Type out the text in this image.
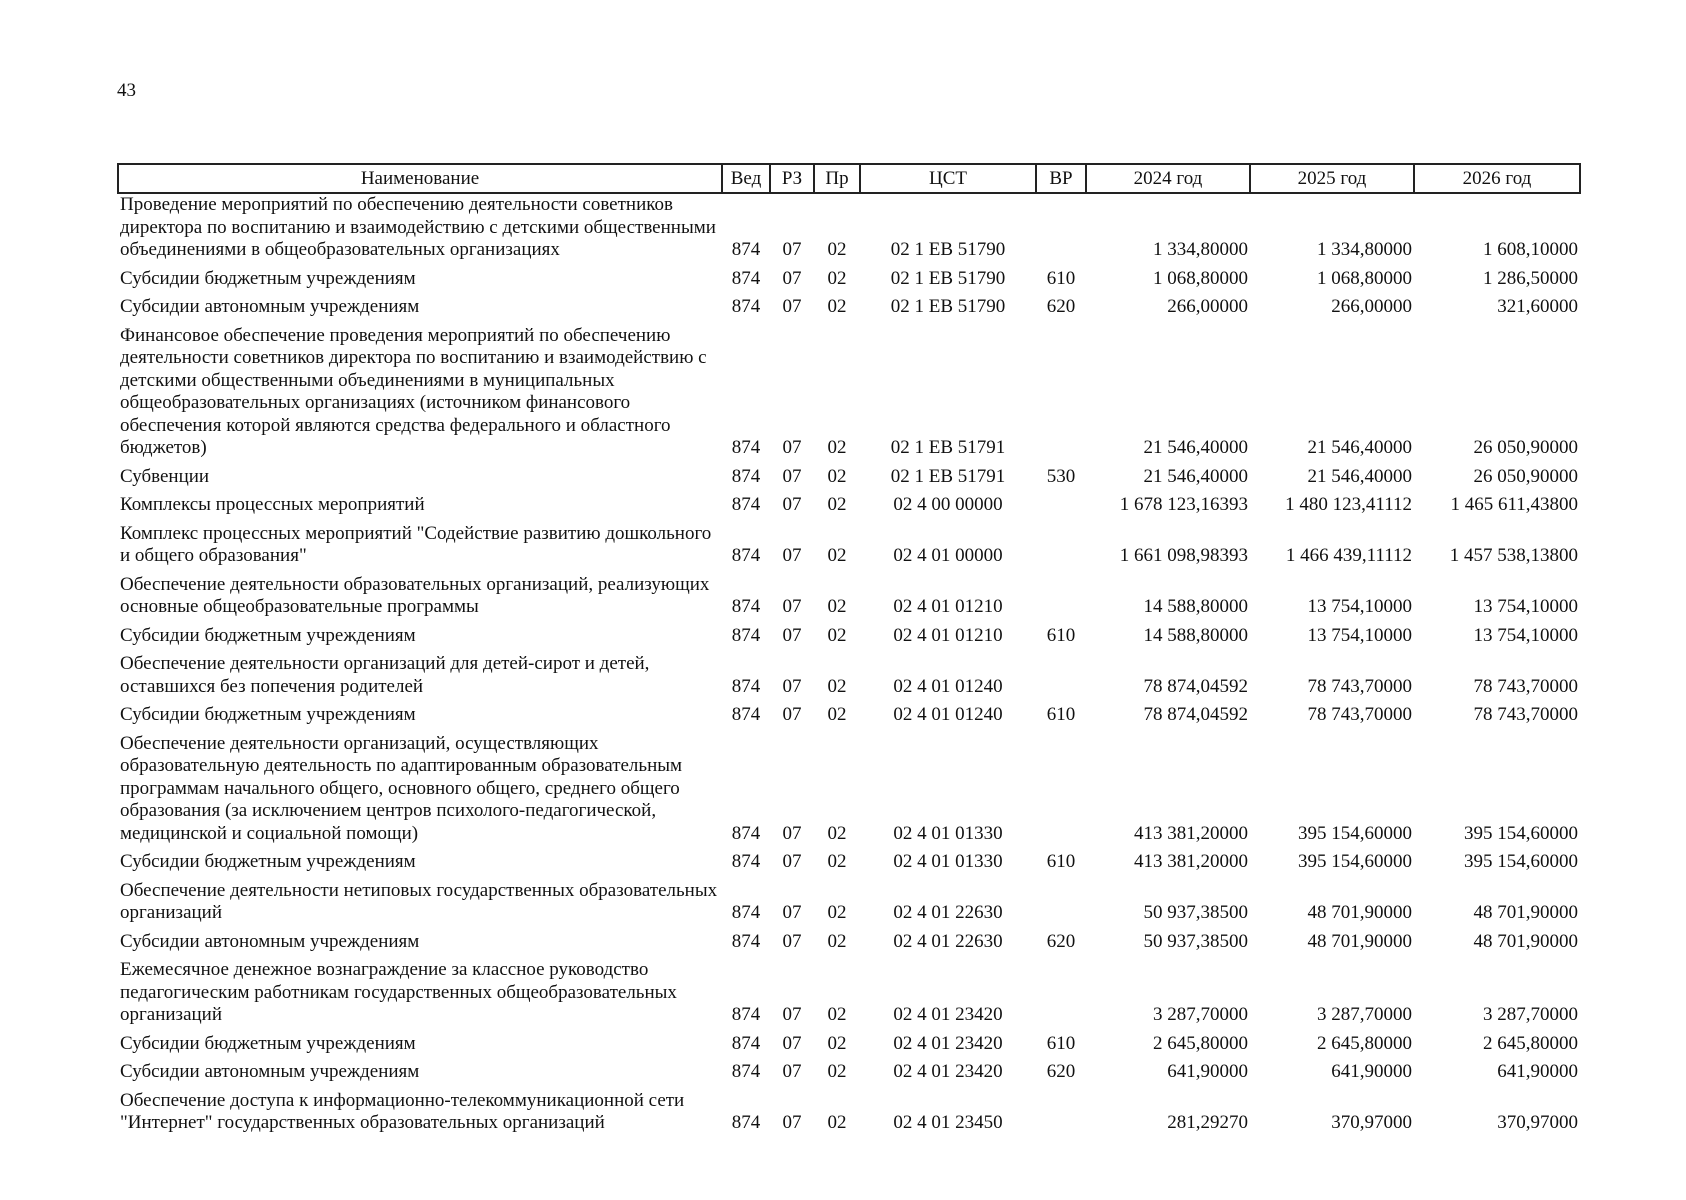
43
Наименование	Вед	РЗ	Пр	ЦСТ	ВР	2024 год	2025 год	2026 год
Проведение мероприятий по обеспечению деятельности советников директора по воспитанию и взаимодействию с детскими общественными объединениями в общеобразовательных организациях	874	07	02	02 1 ЕВ 51790		1 334,80000	1 334,80000	1 608,10000
Субсидии бюджетным учреждениям	874	07	02	02 1 ЕВ 51790	610	1 068,80000	1 068,80000	1 286,50000
Субсидии автономным учреждениям	874	07	02	02 1 ЕВ 51790	620	266,00000	266,00000	321,60000
Финансовое обеспечение проведения мероприятий по обеспечению деятельности советников директора по воспитанию и взаимодействию с детскими общественными объединениями в муниципальных общеобразовательных организациях (источником финансового обеспечения которой являются средства федерального и областного бюджетов)	874	07	02	02 1 ЕВ 51791		21 546,40000	21 546,40000	26 050,90000
Субвенции	874	07	02	02 1 ЕВ 51791	530	21 546,40000	21 546,40000	26 050,90000
Комплексы процессных мероприятий	874	07	02	02 4 00 00000		1 678 123,16393	1 480 123,41112	1 465 611,43800
Комплекс процессных мероприятий "Содействие развитию дошкольного и общего образования"	874	07	02	02 4 01 00000		1 661 098,98393	1 466 439,11112	1 457 538,13800
Обеспечение деятельности образовательных организаций, реализующих основные общеобразовательные программы	874	07	02	02 4 01 01210		14 588,80000	13 754,10000	13 754,10000
Субсидии бюджетным учреждениям	874	07	02	02 4 01 01210	610	14 588,80000	13 754,10000	13 754,10000
Обеспечение деятельности организаций для детей-сирот и детей, оставшихся без попечения родителей	874	07	02	02 4 01 01240		78 874,04592	78 743,70000	78 743,70000
Субсидии бюджетным учреждениям	874	07	02	02 4 01 01240	610	78 874,04592	78 743,70000	78 743,70000
Обеспечение деятельности организаций, осуществляющих образовательную деятельность по адаптированным образовательным программам начального общего, основного общего, среднего общего образования (за исключением центров психолого-педагогической, медицинской и социальной помощи)	874	07	02	02 4 01 01330		413 381,20000	395 154,60000	395 154,60000
Субсидии бюджетным учреждениям	874	07	02	02 4 01 01330	610	413 381,20000	395 154,60000	395 154,60000
Обеспечение деятельности нетиповых государственных образовательных организаций	874	07	02	02 4 01 22630		50 937,38500	48 701,90000	48 701,90000
Субсидии автономным учреждениям	874	07	02	02 4 01 22630	620	50 937,38500	48 701,90000	48 701,90000
Ежемесячное денежное вознаграждение за классное руководство педагогическим работникам государственных общеобразовательных организаций	874	07	02	02 4 01 23420		3 287,70000	3 287,70000	3 287,70000
Субсидии бюджетным учреждениям	874	07	02	02 4 01 23420	610	2 645,80000	2 645,80000	2 645,80000
Субсидии автономным учреждениям	874	07	02	02 4 01 23420	620	641,90000	641,90000	641,90000
Обеспечение доступа к информационно-телекоммуникационной сети "Интернет" государственных образовательных организаций	874	07	02	02 4 01 23450		281,29270	370,97000	370,97000
